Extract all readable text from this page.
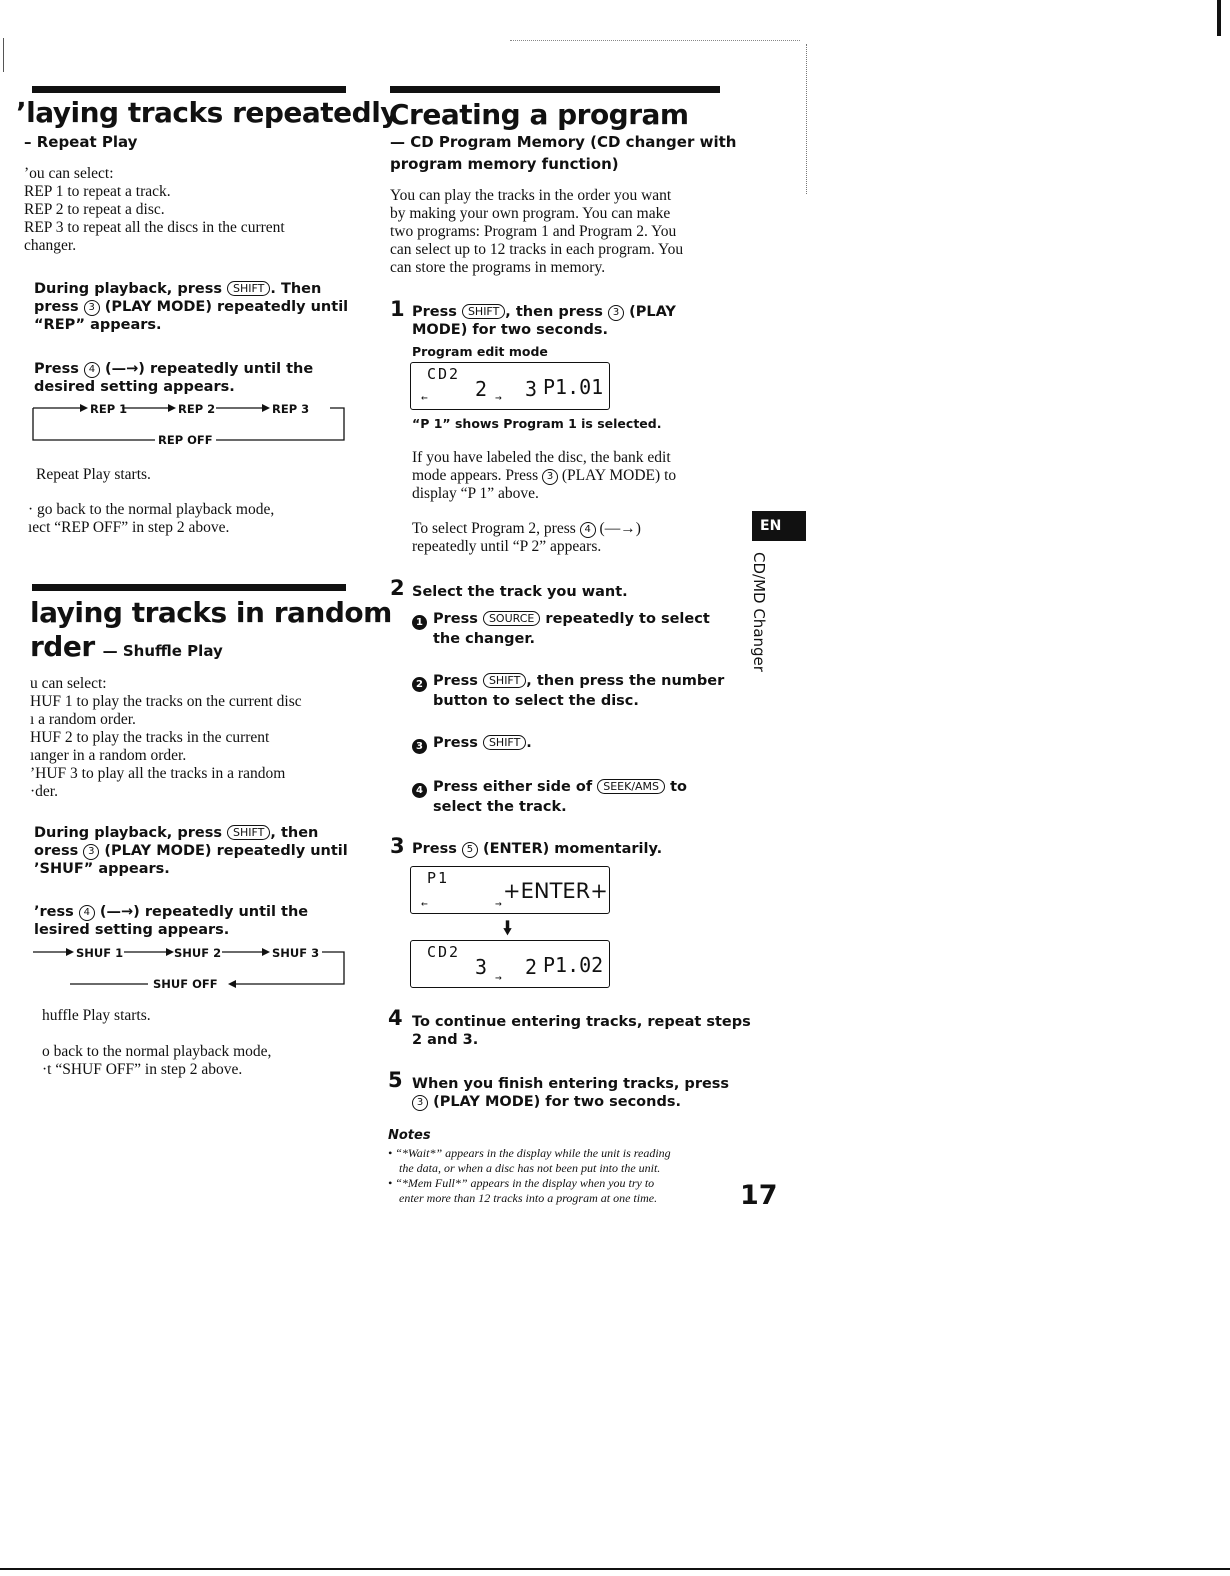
ʼlaying tracks repeatedly
– Repeat Play
’ou can select:
REP 1 to repeat a track.
REP 2 to repeat a disc.
REP 3 to repeat all the discs in the current
changer.
During playback, press SHIFT . Then
press 3 (PLAY MODE) repeatedly until
“REP” appears.
Press 4 (—→) repeatedly until the
desired setting appears.
REP 1	REP 2	REP 3
REP OFF
Repeat Play starts.
· go back to the normal playback mode,
ıect “REP OFF” in step 2 above.
laying tracks in random
rder — Shuffle Play
u can select:
HUF 1 to play the tracks on the current disc
ı a random order.
HUF 2 to play the tracks in the current
ıanger in a random order.
’HUF 3 to play all the tracks in a random
·der.
During playback, press SHIFT , then
oress 3 (PLAY MODE) repeatedly until
’SHUF” appears.
ʼress 4 (—→) repeatedly until the
lesired setting appears.
SHUF 1	SHUF 2	SHUF 3
SHUF OFF
huffle Play starts.
o back to the normal playback mode,
·t “SHUF OFF” in step 2 above.
Creating a program
— CD Program Memory (CD changer with
program memory function)
You can play the tracks in the order you want
by making your own program. You can make
two programs: Program 1 and Program 2. You
can select up to 12 tracks in each program. You
can store the programs in memory.
1 Press SHIFT , then press 3 (PLAY
MODE) for two seconds.
Program edit mode
CD2
2 3 P1.01
←	→
“P 1” shows Program 1 is selected.
If you have labeled the disc, the bank edit
mode appears. Press 3 (PLAY MODE) to
display “P 1” above.
To select Program 2, press 4 (—→)
repeatedly until “P 2” appears.
2 Select the track you want.
1 Press SOURCE repeatedly to select
the changer.
2 Press SHIFT , then press the number
button to select the disc.
3 Press SHIFT .
4 Press either side of SEEK/AMS to
select the track.
3 Press 5 (ENTER) momentarily.
P1
+ENTER+
←	→
🠛
CD2
3 2 P1.02
→
4 To continue entering tracks, repeat steps
2 and 3.
5 When you finish entering tracks, press
3 (PLAY MODE) for two seconds.
Notes
• “*Wait*” appears in the display while the unit is reading
the data, or when a disc has not been put into the unit.
• “*Mem Full*” appears in the display when you try to
enter more than 12 tracks into a program at one time.
EN
CD/MD Changer
17
